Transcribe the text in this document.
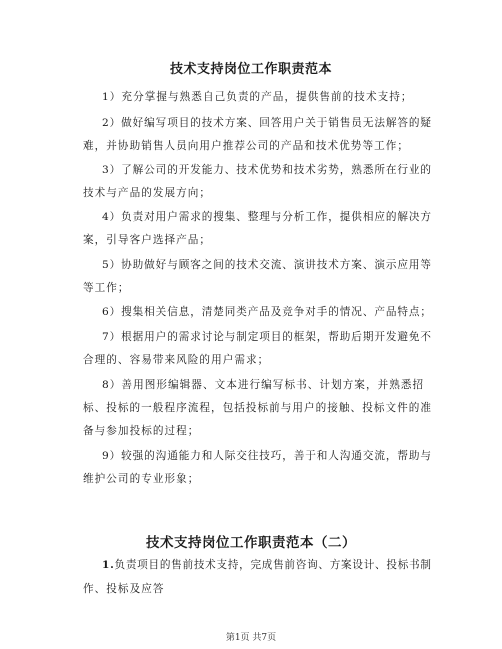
技术支持岗位工作职责范本
1）充分掌握与熟悉自己负责的产品，提供售前的技术支持；
2）做好编写项目的技术方案、回答用户关于销售员无法解答的疑
难，并协助销售人员向用户推荐公司的产品和技术优势等工作；
3）了解公司的开发能力、技术优势和技术劣势，熟悉所在行业的
技术与产品的发展方向；
4）负责对用户需求的搜集、整理与分析工作，提供相应的解决方
案，引导客户选择产品；
5）协助做好与顾客之间的技术交流、演讲技术方案、演示应用等
等工作；
6）搜集相关信息，清楚同类产品及竞争对手的情况、产品特点；
7）根据用户的需求讨论与制定项目的框架，帮助后期开发避免不
合理的、容易带来风险的用户需求；
8）善用图形编辑器、文本进行编写标书、计划方案，并熟悉招
标、投标的一般程序流程，包括投标前与用户的接触、投标文件的准
备与参加投标的过程；
9）较强的沟通能力和人际交往技巧，善于和人沟通交流，帮助与
维护公司的专业形象；
技术支持岗位工作职责范本（二）
1.负责项目的售前技术支持，完成售前咨询、方案设计、投标书制
作、投标及应答
第1页 共7页
